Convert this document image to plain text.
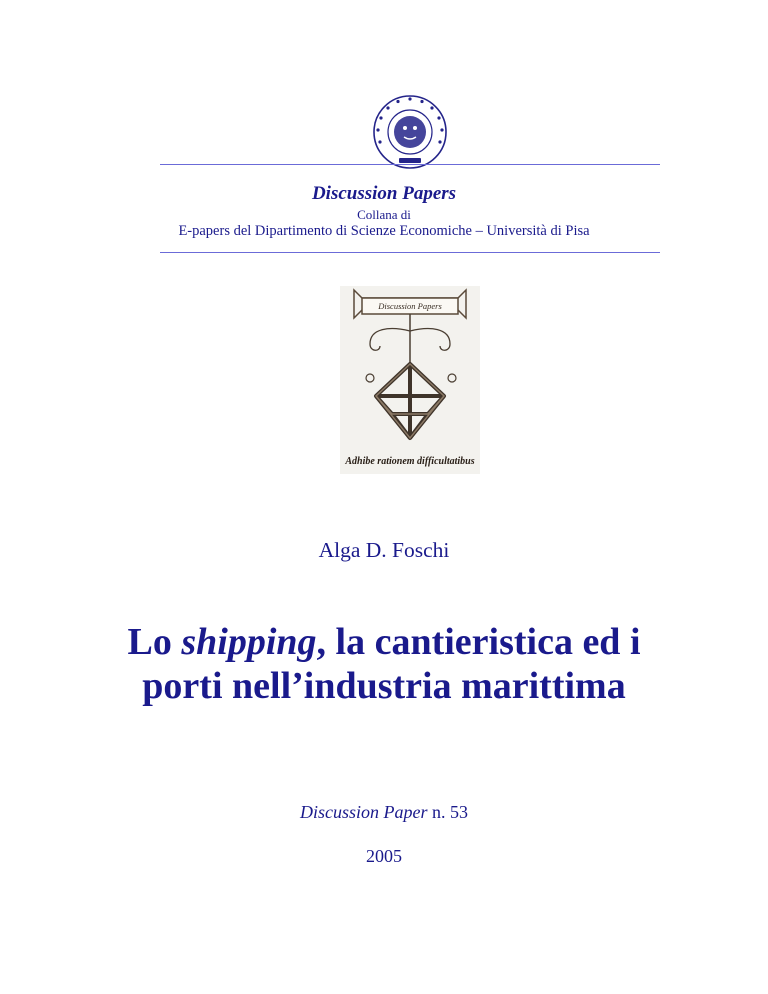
Discussion Papers
Collana di
E-papers del Dipartimento di Scienze Economiche – Università di Pisa
Discussion Papers
Adhibe rationem difficultatibus
Alga D. Foschi
Lo shipping, la cantieristica ed i
porti nell’industria marittima
Discussion Paper n. 53
2005
